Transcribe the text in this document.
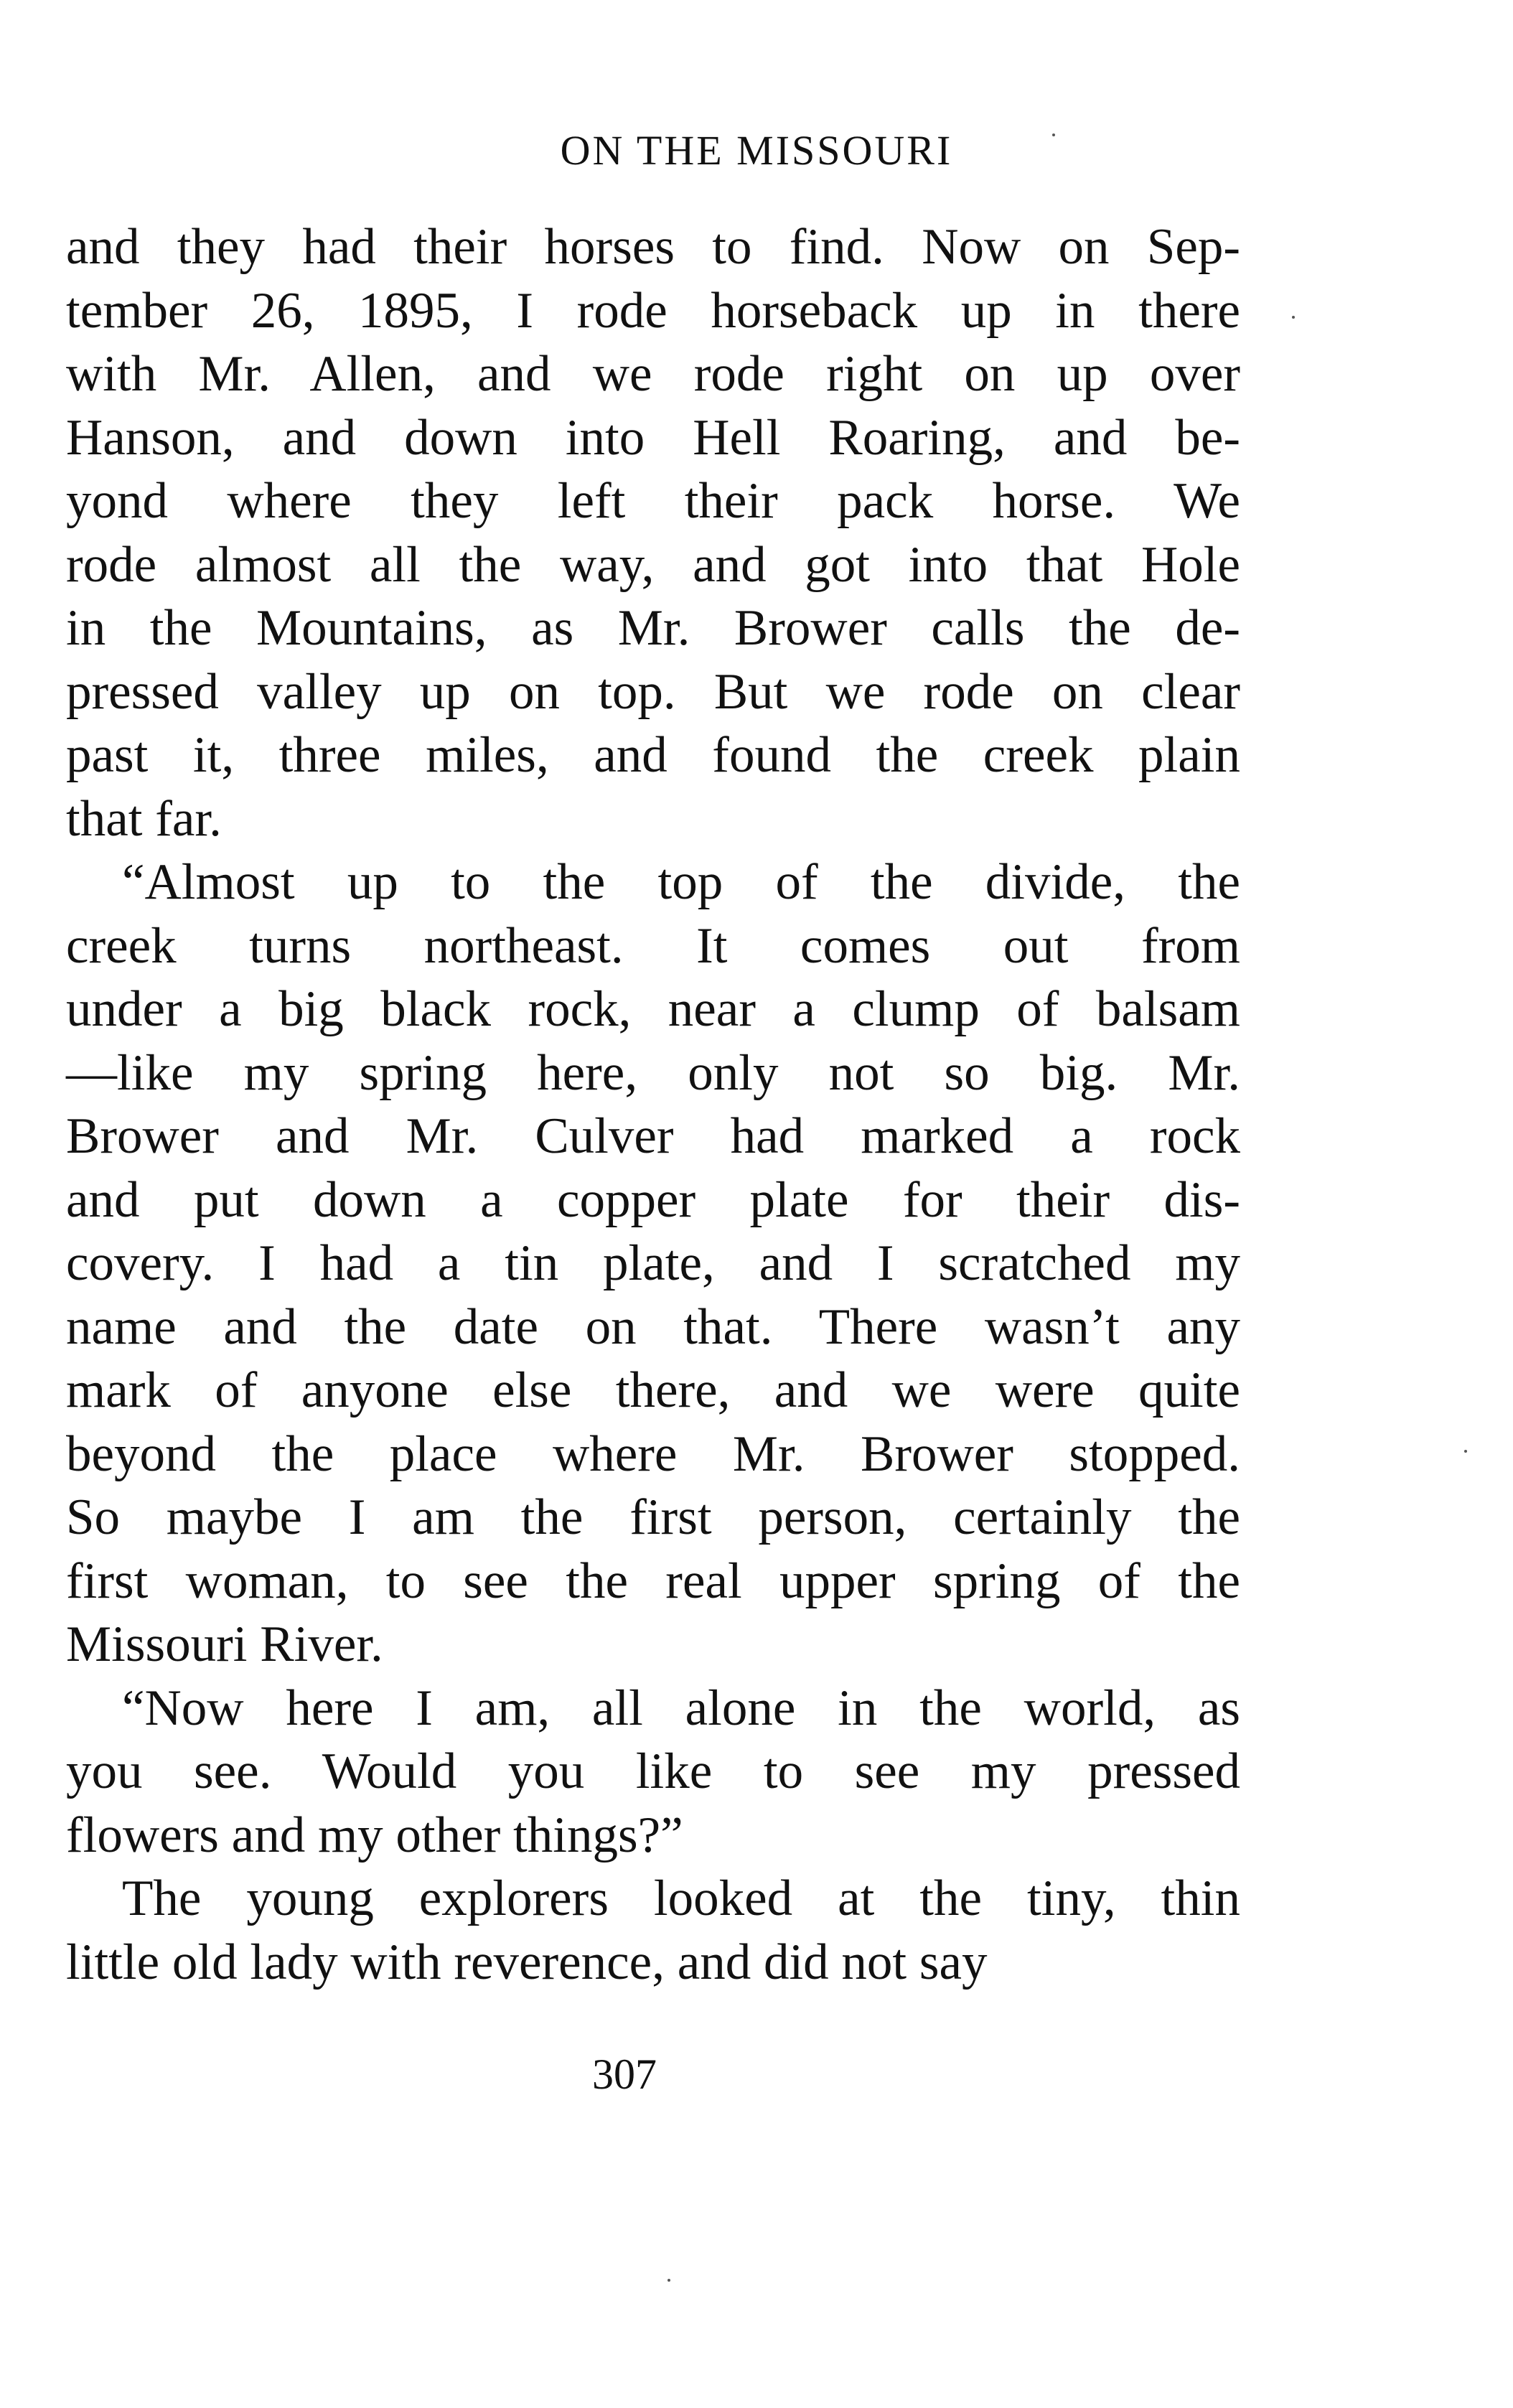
ON THE MISSOURI
and they had their horses to find. Now on Sep-
tember 26, 1895, I rode horseback up in there
with Mr. Allen, and we rode right on up over
Hanson, and down into Hell Roaring, and be-
yond where they left their pack horse. We
rode almost all the way, and got into that Hole
in the Mountains, as Mr. Brower calls the de-
pressed valley up on top. But we rode on clear
past it, three miles, and found the creek plain
that far.
“Almost up to the top of the divide, the
creek turns northeast. It comes out from
under a big black rock, near a clump of balsam
—like my spring here, only not so big. Mr.
Brower and Mr. Culver had marked a rock
and put down a copper plate for their dis-
covery. I had a tin plate, and I scratched my
name and the date on that. There wasn’t any
mark of anyone else there, and we were quite
beyond the place where Mr. Brower stopped.
So maybe I am the first person, certainly the
first woman, to see the real upper spring of the
Missouri River.
“Now here I am, all alone in the world, as
you see. Would you like to see my pressed
flowers and my other things?”
The young explorers looked at the tiny, thin
little old lady with reverence, and did not say
307
